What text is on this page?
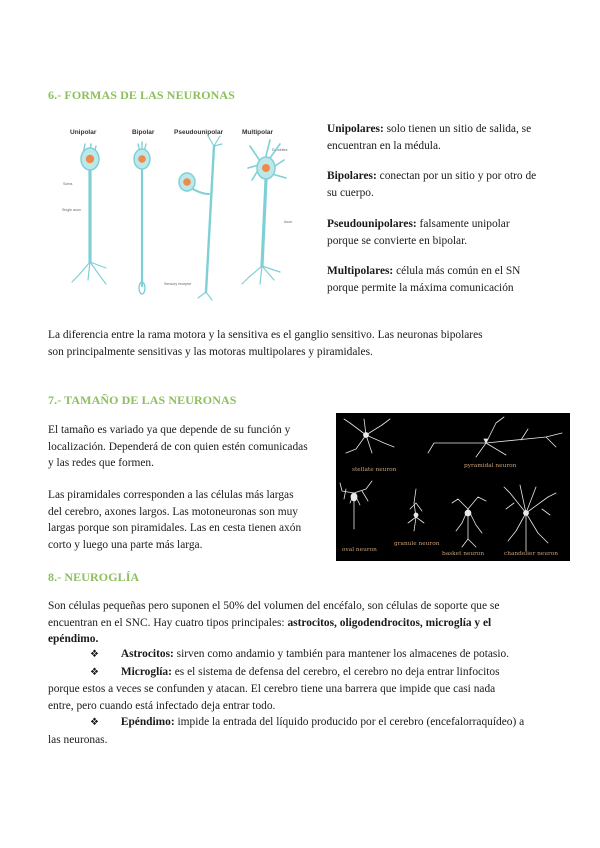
6.- FORMAS DE LAS NEURONAS
Unipolar	Bipolar	Pseudounipolar	Multipolar
Dendrites
Soma
Single axon
Axon
Sensory receptor
Unipolares: solo tienen un sitio de salida, se
encuentran en la médula.
Bipolares: conectan por un sitio y por otro de
su cuerpo.
Pseudounipolares: falsamente unipolar
porque se convierte en bipolar.
Multipolares: célula más común en el SN
porque permite la máxima comunicación
La diferencia entre la rama motora y la sensitiva es el ganglio sensitivo. Las neuronas bipolares
son principalmente sensitivas y las motoras multipolares y piramidales.
7.- TAMAÑO DE LAS NEURONAS
El tamaño es variado ya que depende de su función y
localización. Dependerá de con quien estén comunicadas
y las redes que formen.
Las piramidales corresponden a las células más largas
del cerebro, axones largos. Las motoneuronas son muy
largas porque son piramidales. Las en cesta tienen axón
corto y luego una parte más larga.
stellate neuron
pyramidal neuron
oval neuron
granule neuron
basket neuron	chandelier neuron
8.- NEUROGLÍA
Son células pequeñas pero suponen el 50% del volumen del encéfalo, son células de soporte que se
encuentran en el SNC. Hay cuatro tipos principales: astrocitos, oligodendrocitos, microglía y el
epéndimo.
❖ Astrocitos: sirven como andamio y también para mantener los almacenes de potasio.
❖ Microglía: es el sistema de defensa del cerebro, el cerebro no deja entrar linfocitos
porque estos a veces se confunden y atacan. El cerebro tiene una barrera que impide que casi nada
entre, pero cuando está infectado deja entrar todo.
❖ Epéndimo: impide la entrada del líquido producido por el cerebro (encefalorraquídeo) a
las neuronas.
